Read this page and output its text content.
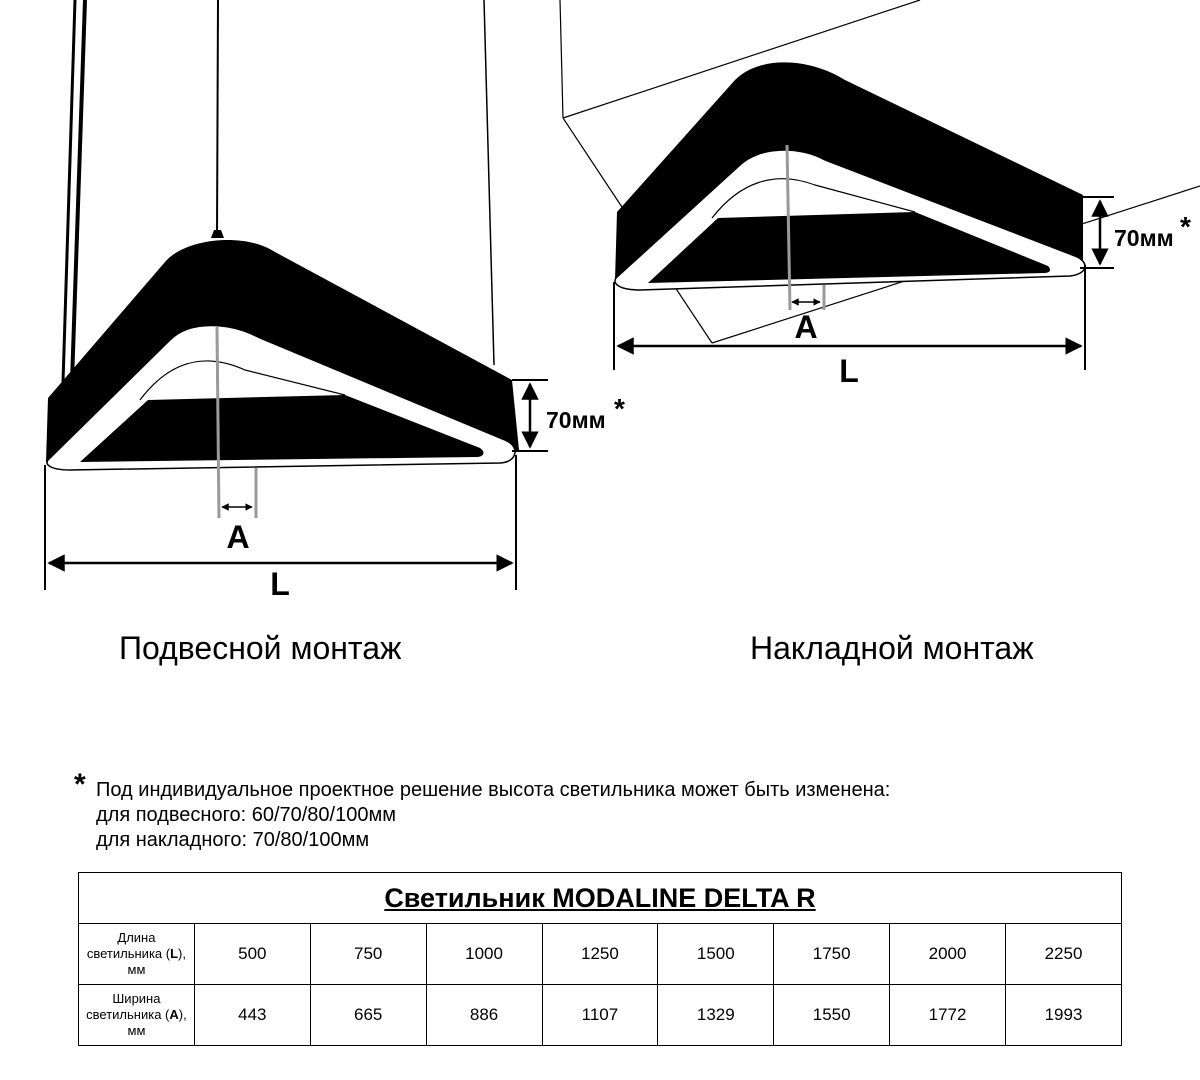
A
L
70мм *
A
L
70мм *
Подвесной монтаж	Накладной монтаж
* Под индивидуальное проектное решение высота светильника может быть изменена:
для подвесного: 60/70/80/100мм
для накладного: 70/80/100мм
Светильник MODALINE DELTA R								
Длина светильника (L),
мм	500	750	1000	1250	1500	1750	2000	2250
Ширина светильника (A),
мм	443	665	886	1107	1329	1550	1772	1993
